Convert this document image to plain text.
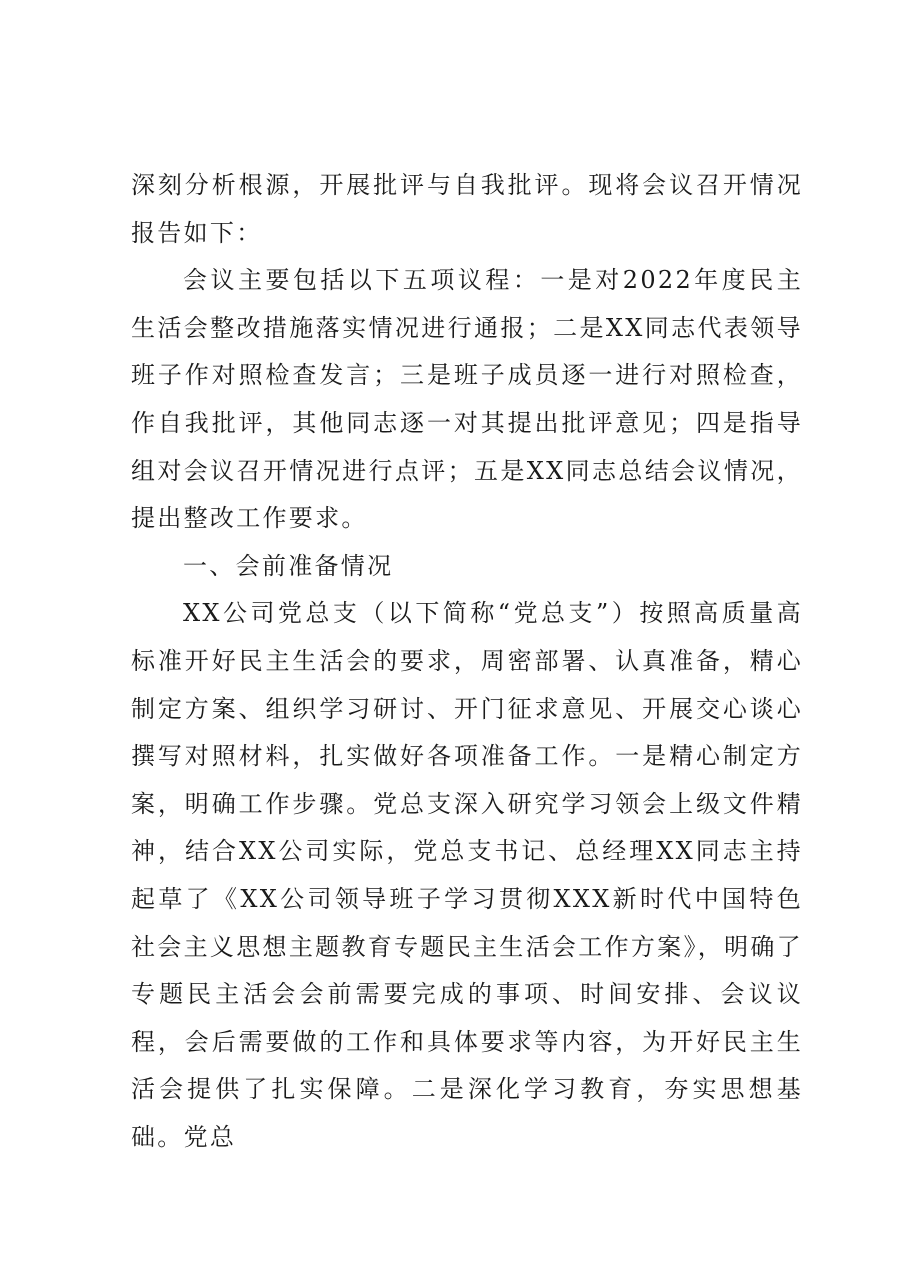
深刻分析根源，开展批评与自我批评。现将会议召开情况报告如下：

会议主要包括以下五项议程：一是对2022年度民主生活会整改措施落实情况进行通报；二是XX同志代表领导班子作对照检查发言；三是班子成员逐一进行对照检查，作自我批评，其他同志逐一对其提出批评意见；四是指导组对会议召开情况进行点评；五是XX同志总结会议情况，提出整改工作要求。

一、会前准备情况

XX公司党总支（以下简称“党总支”）按照高质量高标准开好民主生活会的要求，周密部署、认真准备，精心制定方案、组织学习研讨、开门征求意见、开展交心谈心撰写对照材料，扎实做好各项准备工作。一是精心制定方案，明确工作步骤。党总支深入研究学习领会上级文件精神，结合XX公司实际，党总支书记、总经理XX同志主持起草了《XX公司领导班子学习贯彻XXX新时代中国特色社会主义思想主题教育专题民主生活会工作方案》，明确了专题民主活会会前需要完成的事项、时间安排、会议议程，会后需要做的工作和具体要求等内容，为开好民主生活会提供了扎实保障。二是深化学习教育，夯实思想基础。党总
